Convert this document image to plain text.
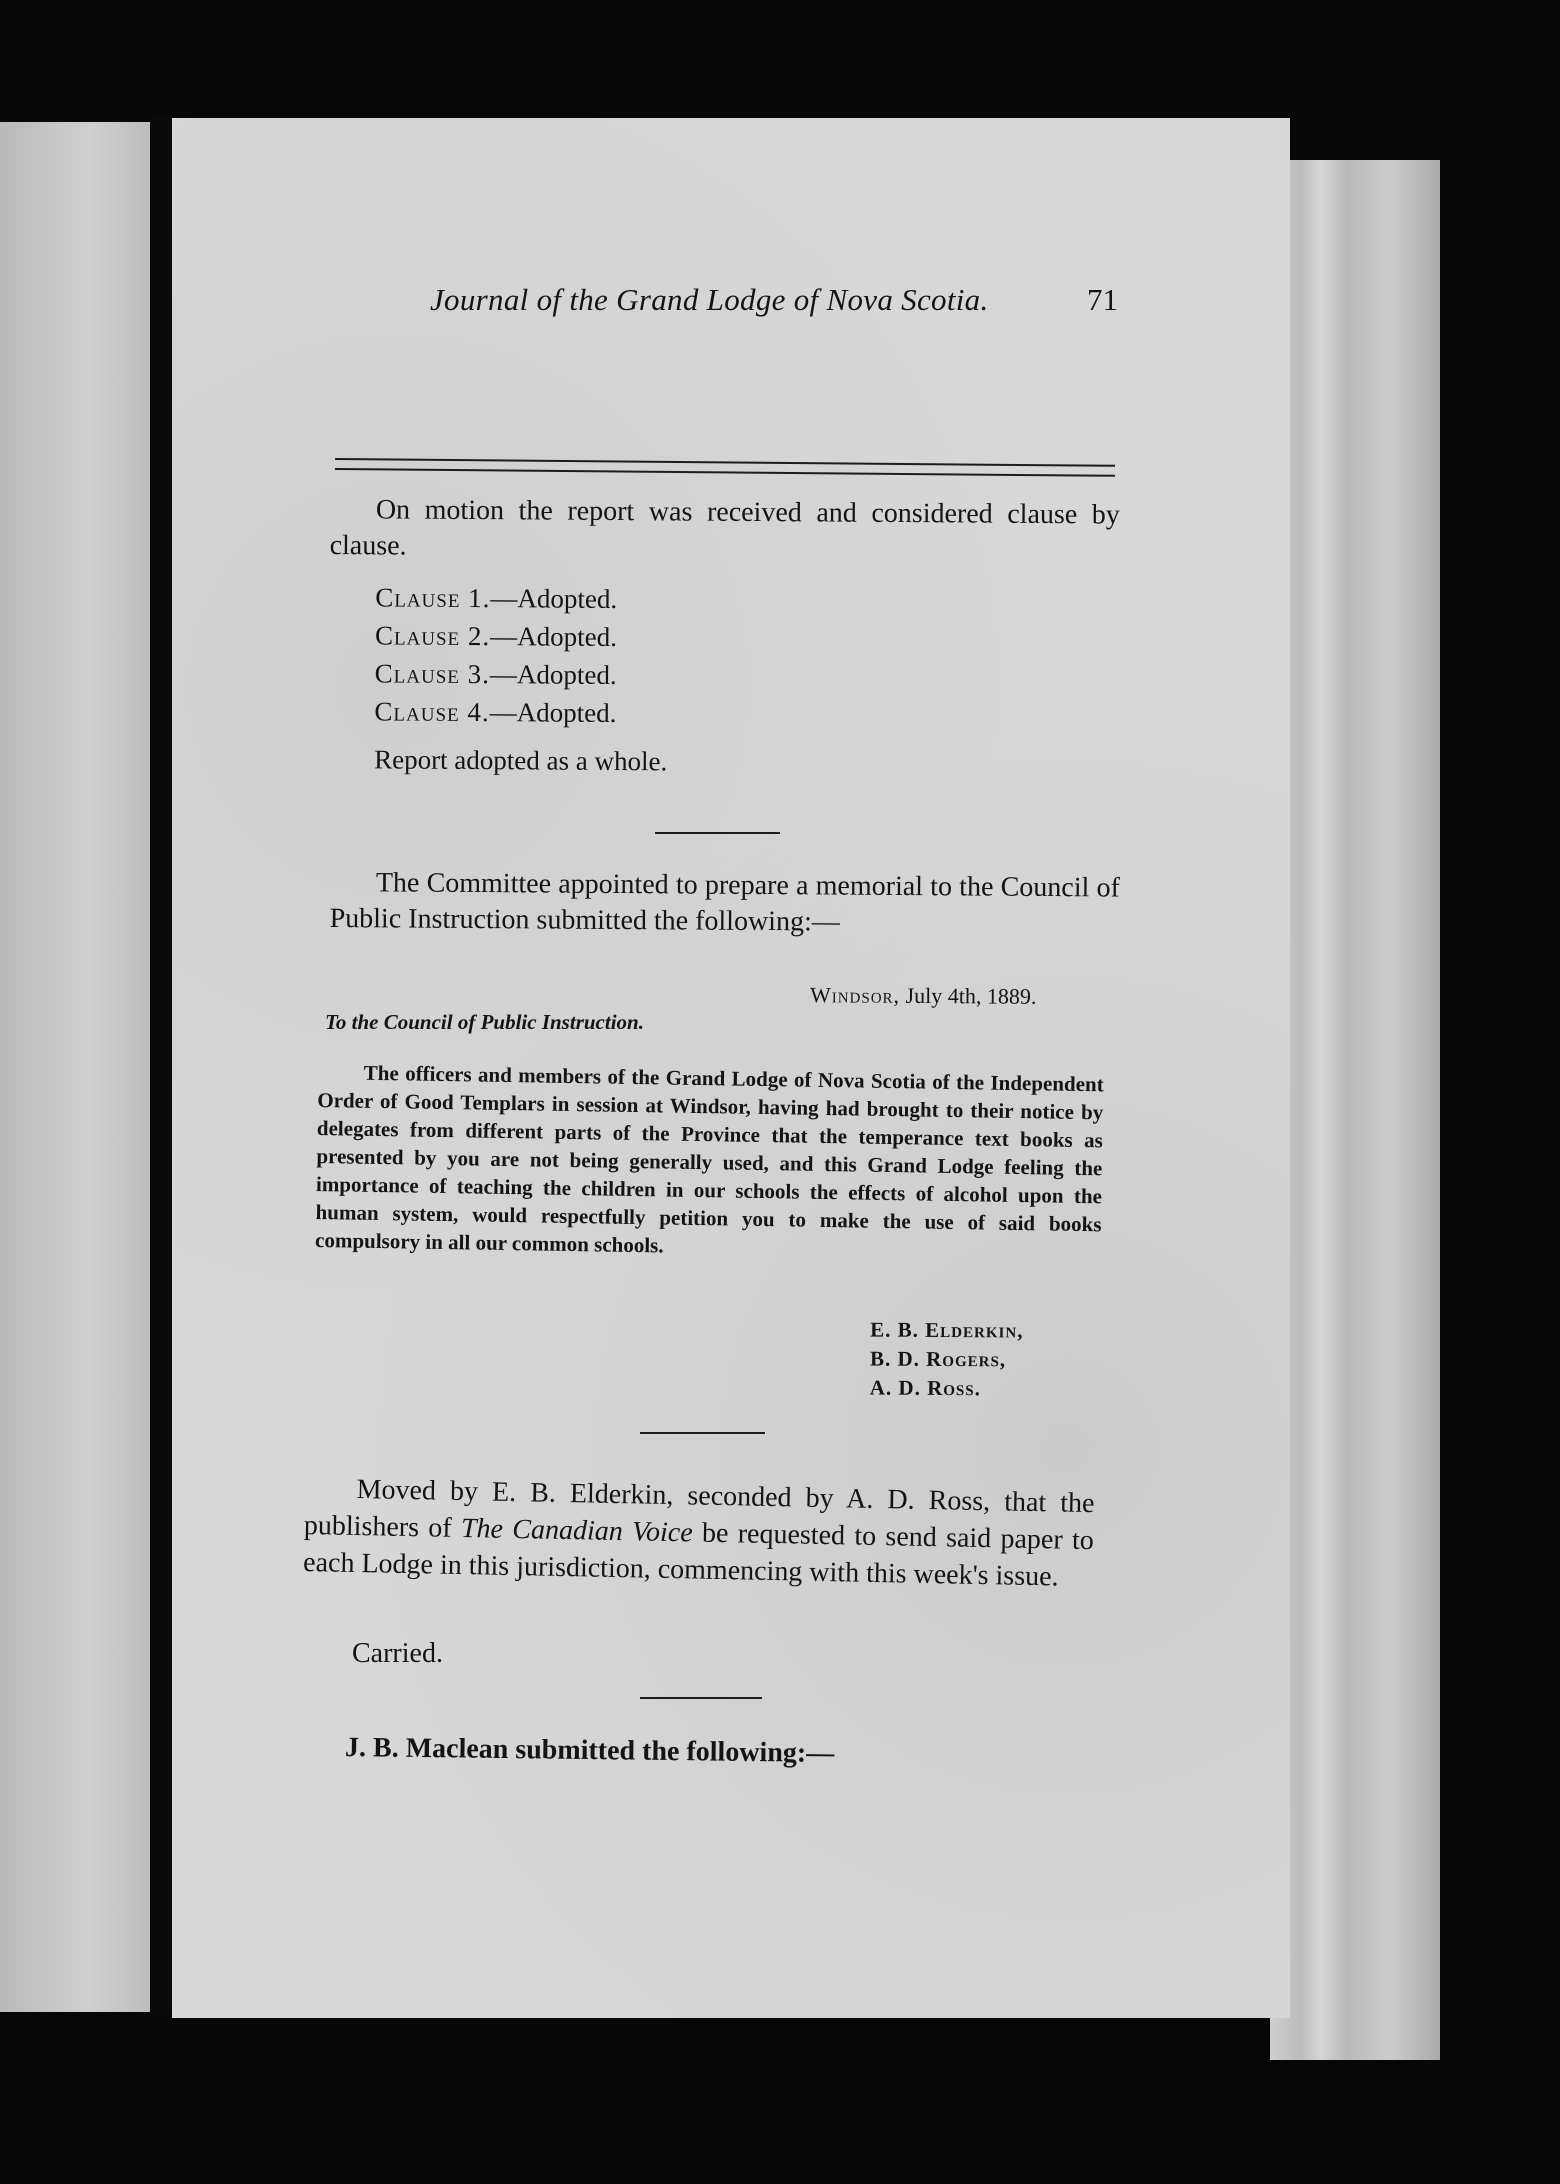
Journal of the Grand Lodge of Nova Scotia.	71

On motion the report was received and considered clause by clause.

Clause 1.—Adopted.
Clause 2.—Adopted.
Clause 3.—Adopted.
Clause 4.—Adopted.
Report adopted as a whole.

The Committee appointed to prepare a memorial to the Council of Public Instruction submitted the following:—

Windsor, July 4th, 1889.
To the Council of Public Instruction.

The officers and members of the Grand Lodge of Nova Scotia of the Independent Order of Good Templars in session at Windsor, having had brought to their notice by delegates from different parts of the Province that the temperance text books as presented by you are not being generally used, and this Grand Lodge feeling the importance of teaching the children in our schools the effects of alcohol upon the human system, would respectfully petition you to make the use of said books compulsory in all our common schools.

E. B. Elderkin,
B. D. Rogers,
A. D. Ross.

Moved by E. B. Elderkin, seconded by A. D. Ross, that the publishers of The Canadian Voice be requested to send said paper to each Lodge in this jurisdiction, commencing with this week's issue.

Carried.
J. B. Maclean submitted the following:—
